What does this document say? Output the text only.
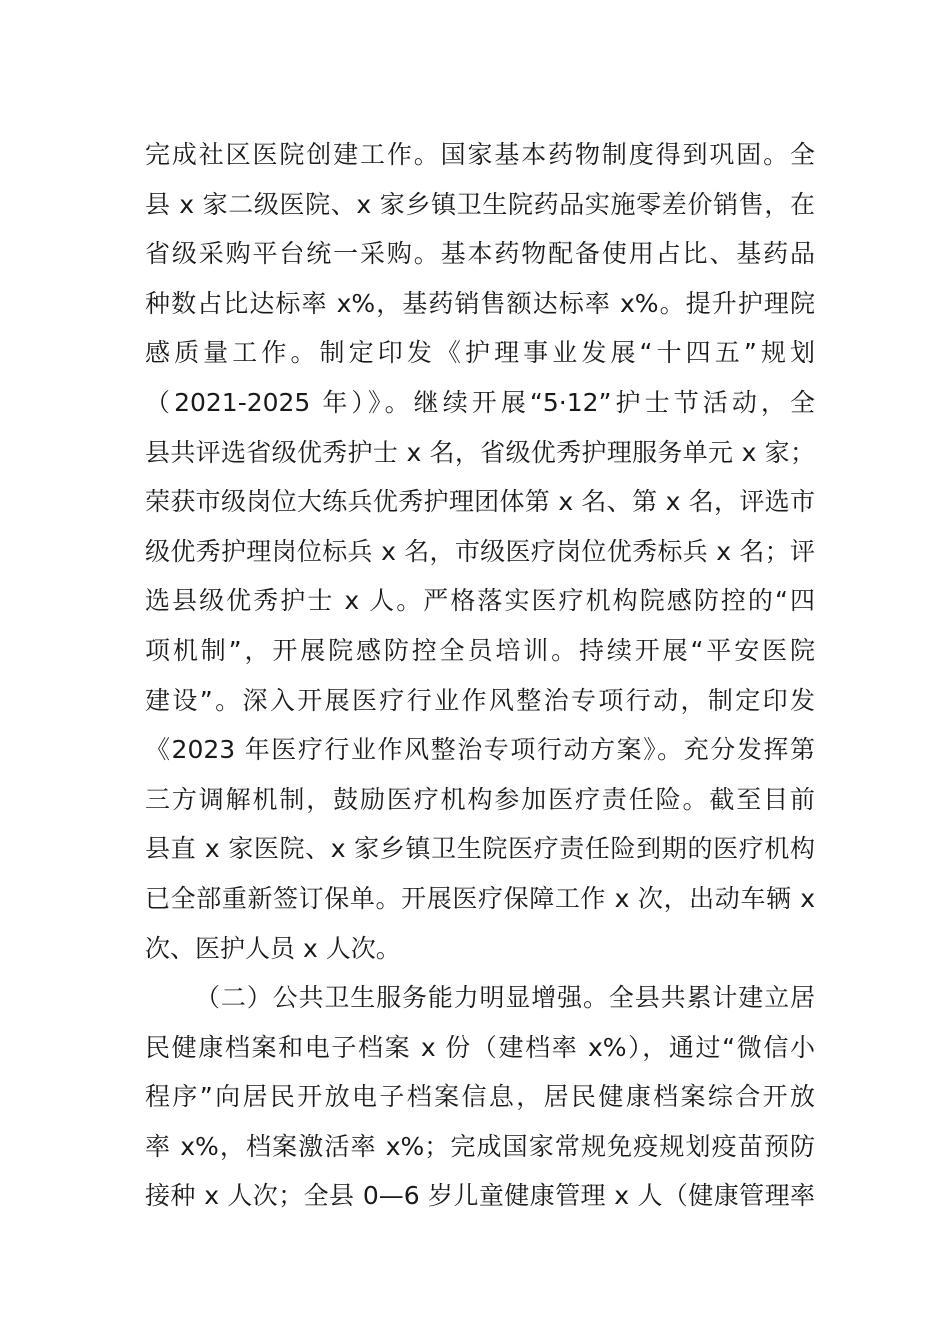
完成社区医院创建工作。国家基本药物制度得到巩固。全
县 x 家二级医院、x 家乡镇卫生院药品实施零差价销售，在
省级采购平台统一采购。基本药物配备使用占比、基药品
种数占比达标率 x%，基药销售额达标率 x%。提升护理院
感质量工作。制定印发《护理事业发展“十四五”规划
（2021-2025 年）》。继续开展“5·12”护士节活动，全
县共评选省级优秀护士 x 名，省级优秀护理服务单元 x 家；
荣获市级岗位大练兵优秀护理团体第 x 名、第 x 名，评选市
级优秀护理岗位标兵 x 名，市级医疗岗位优秀标兵 x 名；评
选县级优秀护士 x 人。严格落实医疗机构院感防控的“四
项机制”，开展院感防控全员培训。持续开展“平安医院
建设”。深入开展医疗行业作风整治专项行动，制定印发
《2023 年医疗行业作风整治专项行动方案》。充分发挥第
三方调解机制，鼓励医疗机构参加医疗责任险。截至目前
县直 x 家医院、x 家乡镇卫生院医疗责任险到期的医疗机构
已全部重新签订保单。开展医疗保障工作 x 次，出动车辆 x
次、医护人员 x 人次。
（二）公共卫生服务能力明显增强。全县共累计建立居
民健康档案和电子档案 x 份（建档率 x%），通过“微信小
程序”向居民开放电子档案信息，居民健康档案综合开放
率 x%，档案激活率 x%；完成国家常规免疫规划疫苗预防
接种 x 人次；全县 0—6 岁儿童健康管理 x 人（健康管理率
